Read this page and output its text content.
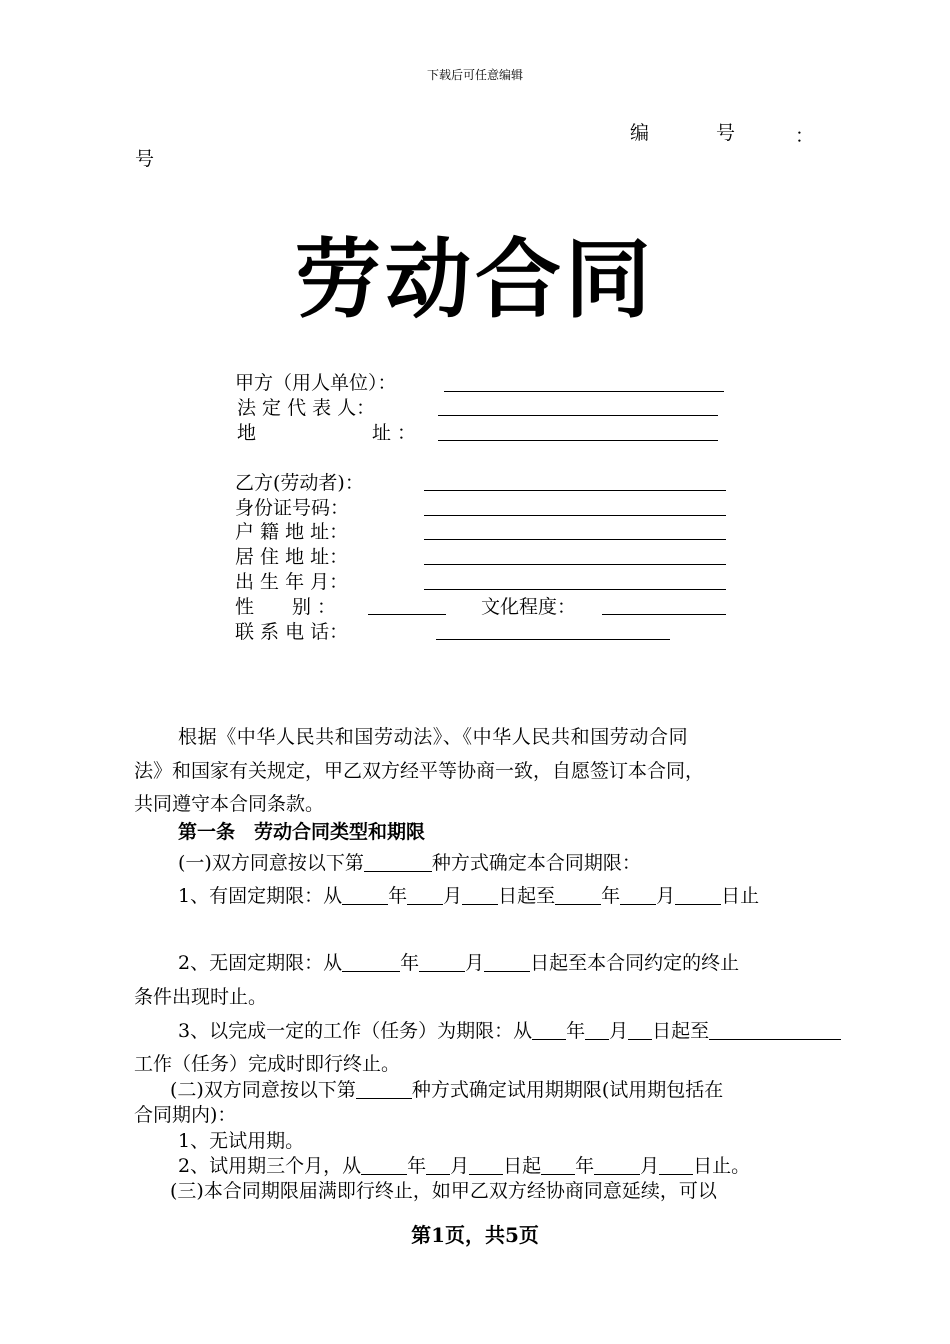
下载后可任意编辑
编	号	：
号
劳动合同
甲方（用人单位）：
法 定 代 表 人：
地	址 ：
乙方(劳动者)：
身份证号码：
户 籍 地 址：
居 住 地 址：
出 生 年 月：
性　　别 ：	文化程度：
联 系 电 话：
根据《中华人民共和国劳动法》、《中华人民共和国劳动合同
法》和国家有关规定，甲乙双方经平等协商一致，自愿签订本合同，
共同遵守本合同条款。
第一条　劳动合同类型和期限
(一)双方同意按以下第	种方式确定本合同期限：
1、有固定期限：从 年 月 日起至 年 月 日止
2、无固定期限：从	年 月 日起至本合同约定的终止
条件出现时止。
3、以完成一定的工作（任务）为期限：从 年 月 日起至
工作（任务）完成时即行终止。
(二)双方同意按以下第	种方式确定试用期期限(试用期包括在
合同期内)：
1、无试用期。
2、试用期三个月，从 年 月 日起 年 月 日止。
(三)本合同期限届满即行终止，如甲乙双方经协商同意延续，可以
第1页，共5页
